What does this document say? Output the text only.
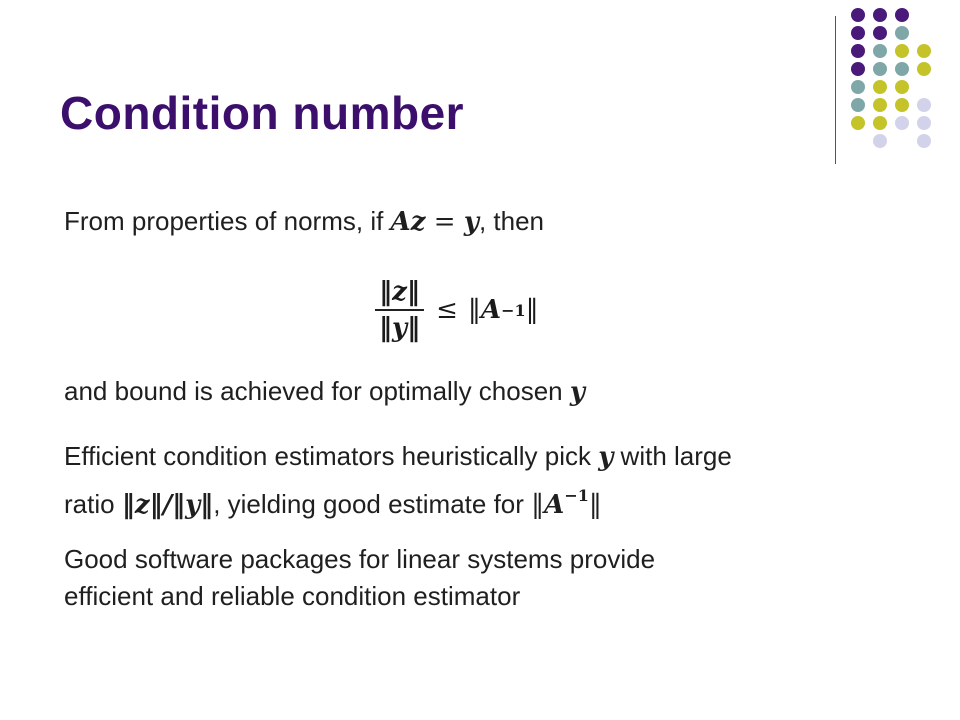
Condition number
From properties of norms, if Az = y, then
$\frac{‖z‖}{‖y‖}$ ≤ ‖ A −1 ‖
and bound is achieved for optimally chosen y
Efficient condition estimators heuristically pick y with large
ratio ‖z‖/‖y‖, yielding good estimate for $‖A^{-1}‖$
Good software packages for linear systems provide
efficient and reliable condition estimator
